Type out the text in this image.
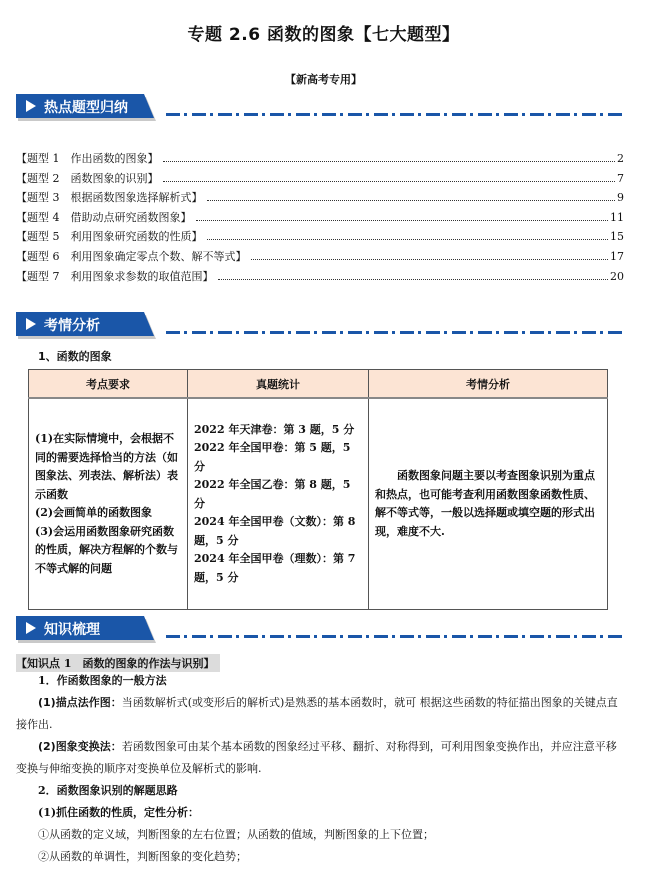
专题 2.6 函数的图象【七大题型】
【新高考专用】
热点题型归纳
【题型 1　作出函数的图象】	2
【题型 2　函数图象的识别】	7
【题型 3　根据函数图象选择解析式】	9
【题型 4　借助动点研究函数图象】	11
【题型 5　利用图象研究函数的性质】	15
【题型 6　利用图象确定零点个数、解不等式】	17
【题型 7　利用图象求参数的取值范围】	20
考情分析
1、函数的图象
考点要求	真题统计	考情分析

(1)在实际情境中，会根据不同的需要选择恰当的方法（如图象法、列表法、解析法）表示函数
(2)会画简单的函数图象
(3)会运用函数图象研究函数的性质，解决方程解的个数与不等式解的问题	2022 年天津卷：第 3 题，5 分
2022 年全国甲卷：第 5 题，5 分
2022 年全国乙卷：第 8 题，5 分
2024 年全国甲卷（文数）：第 8 题，5 分
2024 年全国甲卷（理数）：第 7 题，5 分	函数图象问题主要以考查图象识别为重点和热点，也可能考查利用函数图象函数性质、解不等式等，一般以选择题或填空题的形式出现，难度不大.
知识梳理
【知识点 1　函数的图象的作法与识别】
1．作函数图象的一般方法
(1)描点法作图：当函数解析式(或变形后的解析式)是熟悉的基本函数时，就可 根据这些函数的特征描出图象的关键点直接作出.
(2)图象变换法：若函数图象可由某个基本函数的图象经过平移、翻折、对称得到，可利用图象变换作出，并应注意平移变换与伸缩变换的顺序对变换单位及解析式的影响.
2．函数图象识别的解题思路
(1)抓住函数的性质，定性分析：
①从函数的定义域，判断图象的左右位置；从函数的值域，判断图象的上下位置；
②从函数的单调性，判断图象的变化趋势；
